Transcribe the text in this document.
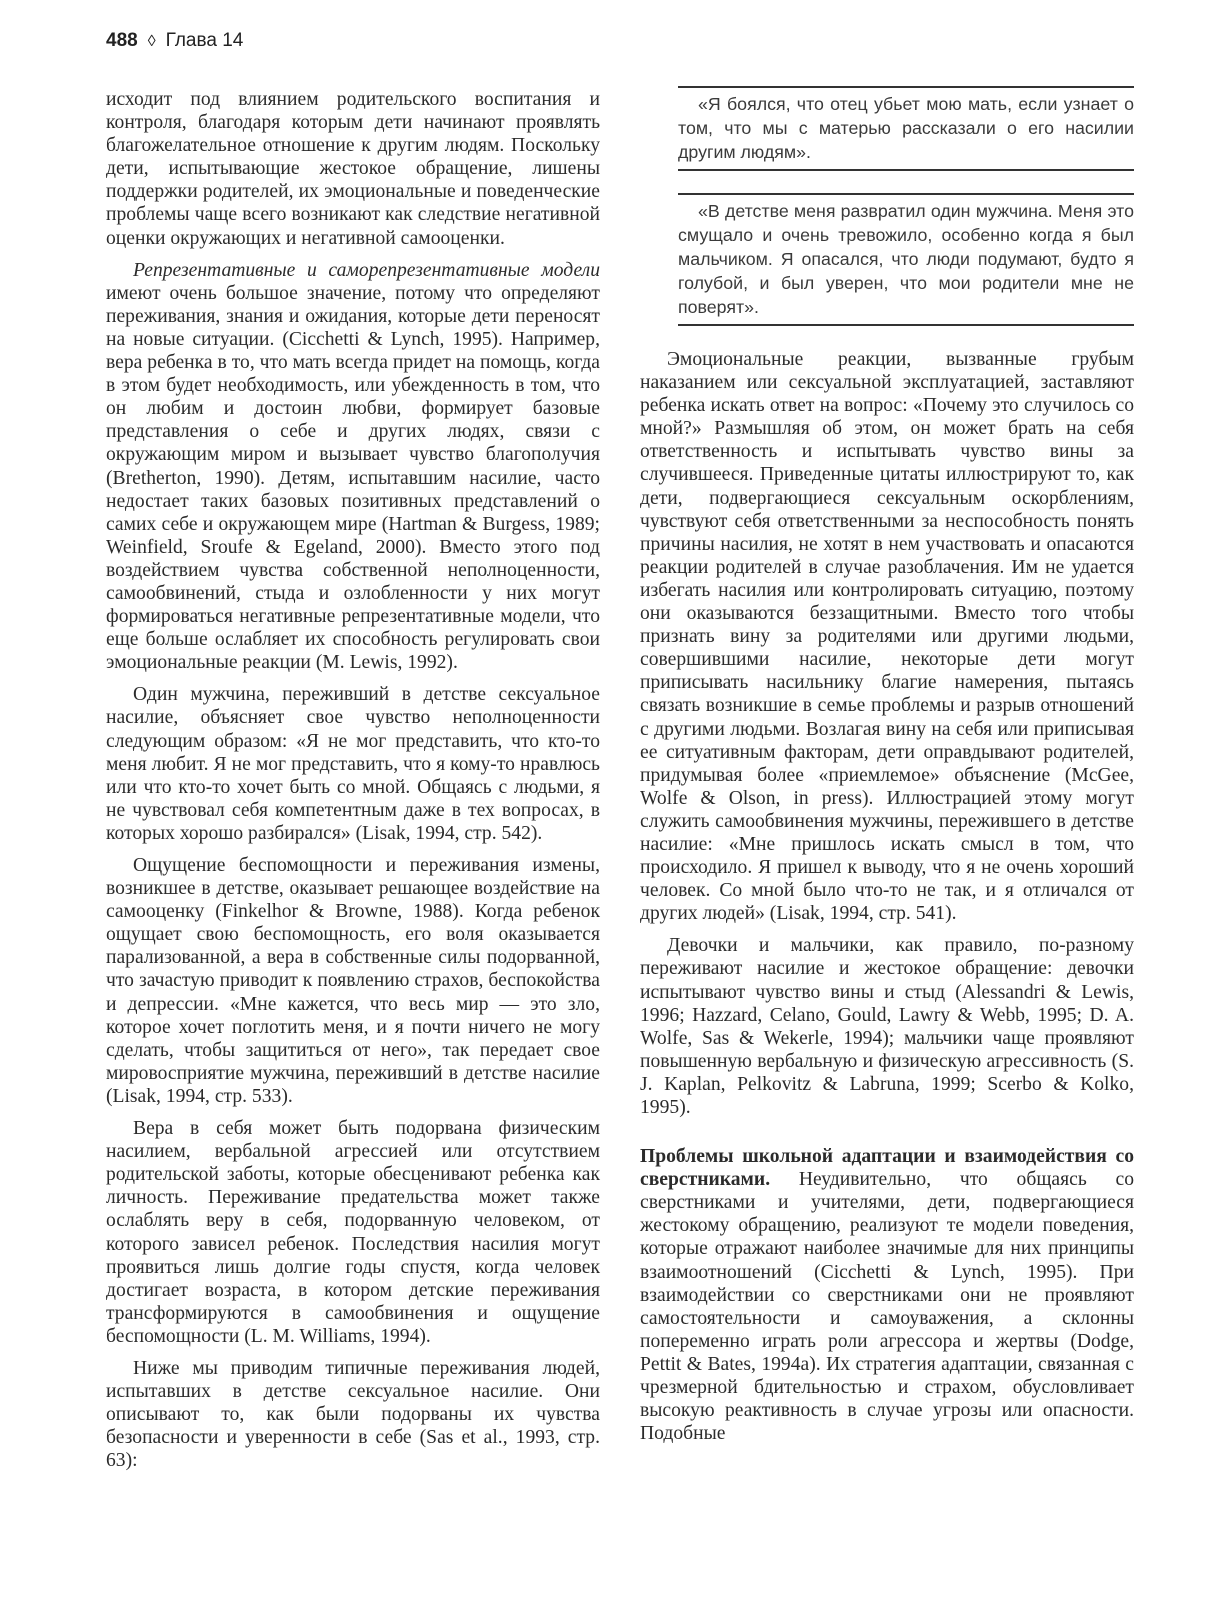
488 ◊ Глава 14

исходит под влиянием родительского воспитания и контроля, благодаря которым дети начинают проявлять благожелательное отношение к другим людям. Поскольку дети, испытывающие жестокое обращение, лишены поддержки родителей, их эмоциональные и поведенческие проблемы чаще всего возникают как следствие негативной оценки окружающих и негативной самооценки.

Репрезентативные и саморепрезентативные модели имеют очень большое значение, потому что определяют переживания, знания и ожидания, которые дети переносят на новые ситуации. (Cicchetti & Lynch, 1995). Например, вера ребенка в то, что мать всегда придет на помощь, когда в этом будет необходимость, или убежденность в том, что он любим и достоин любви, формирует базовые представления о себе и других людях, связи с окружающим миром и вызывает чувство благополучия (Bretherton, 1990). Детям, испытавшим насилие, часто недостает таких базовых позитивных представлений о самих себе и окружающем мире (Hartman & Burgess, 1989; Weinfield, Sroufe & Egeland, 2000). Вместо этого под воздействием чувства собственной неполноценности, самообвинений, стыда и озлобленности у них могут формироваться негативные репрезентативные модели, что еще больше ослабляет их способность регулировать свои эмоциональные реакции (M. Lewis, 1992).

Один мужчина, переживший в детстве сексуальное насилие, объясняет свое чувство неполноценности следующим образом: «Я не мог представить, что кто-то меня любит. Я не мог представить, что я кому-то нравлюсь или что кто-то хочет быть со мной. Общаясь с людьми, я не чувствовал себя компетентным даже в тех вопросах, в которых хорошо разбирался» (Lisak, 1994, стр. 542).

Ощущение беспомощности и переживания измены, возникшее в детстве, оказывает решающее воздействие на самооценку (Finkelhor & Browne, 1988). Когда ребенок ощущает свою беспомощность, его воля оказывается парализованной, а вера в собственные силы подорванной, что зачастую приводит к появлению страхов, беспокойства и депрессии. «Мне кажется, что весь мир — это зло, которое хочет поглотить меня, и я почти ничего не могу сделать, чтобы защититься от него», так передает свое мировосприятие мужчина, переживший в детстве насилие (Lisak, 1994, стр. 533).

Вера в себя может быть подорвана физическим насилием, вербальной агрессией или отсутствием родительской заботы, которые обесценивают ребенка как личность. Переживание предательства может также ослаблять веру в себя, подорванную человеком, от которого зависел ребенок. Последствия насилия могут проявиться лишь долгие годы спустя, когда человек достигает возраста, в котором детские переживания трансформируются в самообвинения и ощущение беспомощности (L. M. Williams, 1994).

Ниже мы приводим типичные переживания людей, испытавших в детстве сексуальное насилие. Они описывают то, как были подорваны их чувства безопасности и уверенности в себе (Sas et al., 1993, стр. 63):

«Я боялся, что отец убьет мою мать, если узнает о том, что мы с матерью рассказали о его насилии другим людям».
«В детстве меня развратил один мужчина. Меня это смущало и очень тревожило, особенно когда я был мальчиком. Я опасался, что люди подумают, будто я голубой, и был уверен, что мои родители мне не поверят».

Эмоциональные реакции, вызванные грубым наказанием или сексуальной эксплуатацией, заставляют ребенка искать ответ на вопрос: «Почему это случилось со мной?» Размышляя об этом, он может брать на себя ответственность и испытывать чувство вины за случившееся. Приведенные цитаты иллюстрируют то, как дети, подвергающиеся сексуальным оскорблениям, чувствуют себя ответственными за неспособность понять причины насилия, не хотят в нем участвовать и опасаются реакции родителей в случае разоблачения. Им не удается избегать насилия или контролировать ситуацию, поэтому они оказываются беззащитными. Вместо того чтобы признать вину за родителями или другими людьми, совершившими насилие, некоторые дети могут приписывать насильнику благие намерения, пытаясь связать возникшие в семье проблемы и разрыв отношений с другими людьми. Возлагая вину на себя или приписывая ее ситуативным факторам, дети оправдывают родителей, придумывая более «приемлемое» объяснение (McGee, Wolfe & Olson, in press). Иллюстрацией этому могут служить самообвинения мужчины, пережившего в детстве насилие: «Мне пришлось искать смысл в том, что происходило. Я пришел к выводу, что я не очень хороший человек. Со мной было что-то не так, и я отличался от других людей» (Lisak, 1994, стр. 541).

Девочки и мальчики, как правило, по-разному переживают насилие и жестокое обращение: девочки испытывают чувство вины и стыд (Alessandri & Lewis, 1996; Hazzard, Celano, Gould, Lawry & Webb, 1995; D. A. Wolfe, Sas & Wekerle, 1994); мальчики чаще проявляют повышенную вербальную и физическую агрессивность (S. J. Kaplan, Pelkovitz & Labruna, 1999; Scerbo & Kolko, 1995).

Проблемы школьной адаптации и взаимодействия со сверстниками. Неудивительно, что общаясь со сверстниками и учителями, дети, подвергающиеся жестокому обращению, реализуют те модели поведения, которые отражают наиболее значимые для них принципы взаимоотношений (Cicchetti & Lynch, 1995). При взаимодействии со сверстниками они не проявляют самостоятельности и самоуважения, а склонны попеременно играть роли агрессора и жертвы (Dodge, Pettit & Bates, 1994a). Их стратегия адаптации, связанная с чрезмерной бдительностью и страхом, обусловливает высокую реактивность в случае угрозы или опасности. Подобные
